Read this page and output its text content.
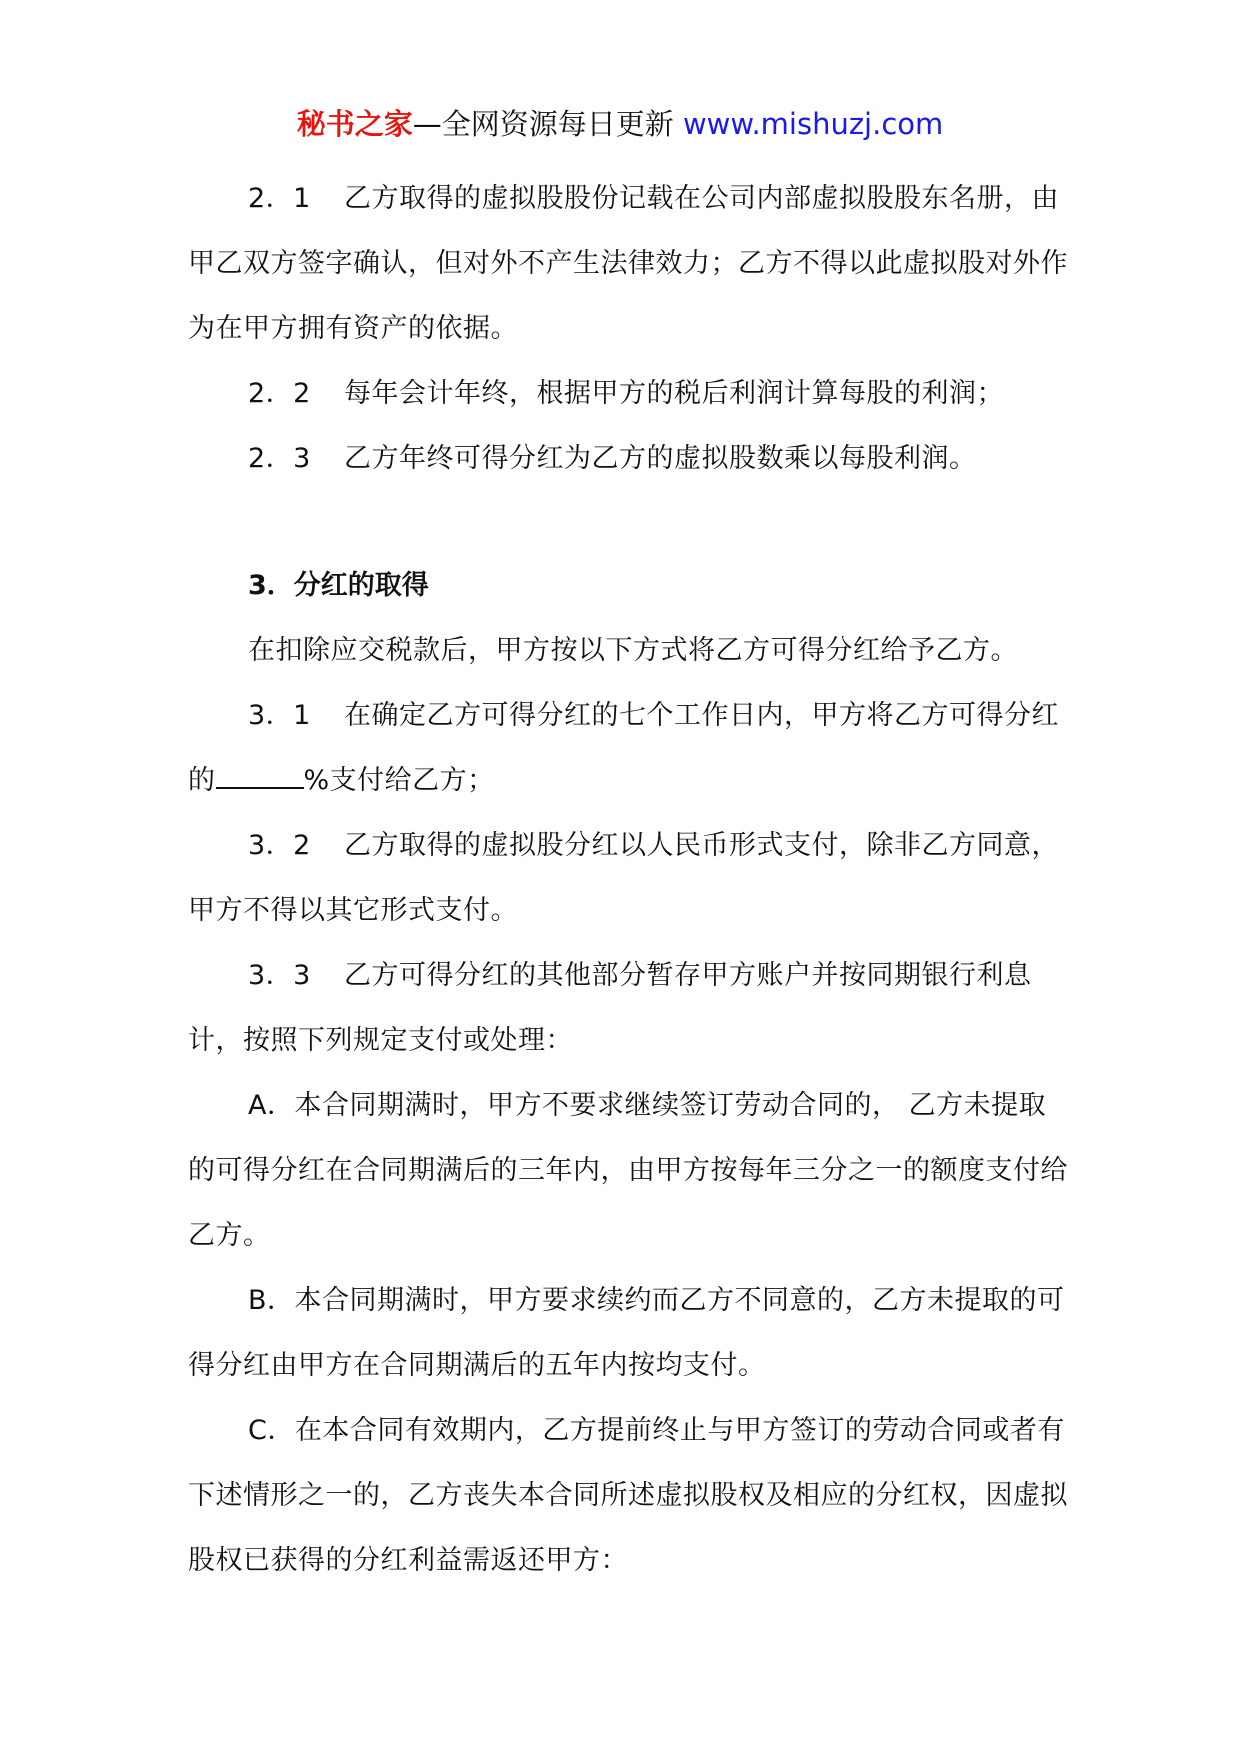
秘书之家—全网资源每日更新 www.mishuzj.com

2．1 乙方取得的虚拟股股份记载在公司内部虚拟股股东名册，由甲乙双方签字确认，但对外不产生法律效力；乙方不得以此虚拟股对外作为在甲方拥有资产的依据。

2．2 每年会计年终，根据甲方的税后利润计算每股的利润；

2．3 乙方年终可得分红为乙方的虚拟股数乘以每股利润。

3．分红的取得

在扣除应交税款后，甲方按以下方式将乙方可得分红给予乙方。

3．1 在确定乙方可得分红的七个工作日内，甲方将乙方可得分红的	%支付给乙方；

3．2 乙方取得的虚拟股分红以人民币形式支付，除非乙方同意，甲方不得以其它形式支付。

3．3 乙方可得分红的其他部分暂存甲方账户并按同期银行利息计，按照下列规定支付或处理：

A．本合同期满时，甲方不要求继续签订劳动合同的， 乙方未提取的可得分红在合同期满后的三年内，由甲方按每年三分之一的额度支付给乙方。

B．本合同期满时，甲方要求续约而乙方不同意的，乙方未提取的可得分红由甲方在合同期满后的五年内按均支付。

C．在本合同有效期内，乙方提前终止与甲方签订的劳动合同或者有下述情形之一的，乙方丧失本合同所述虚拟股权及相应的分红权，因虚拟股权已获得的分红利益需返还甲方：
